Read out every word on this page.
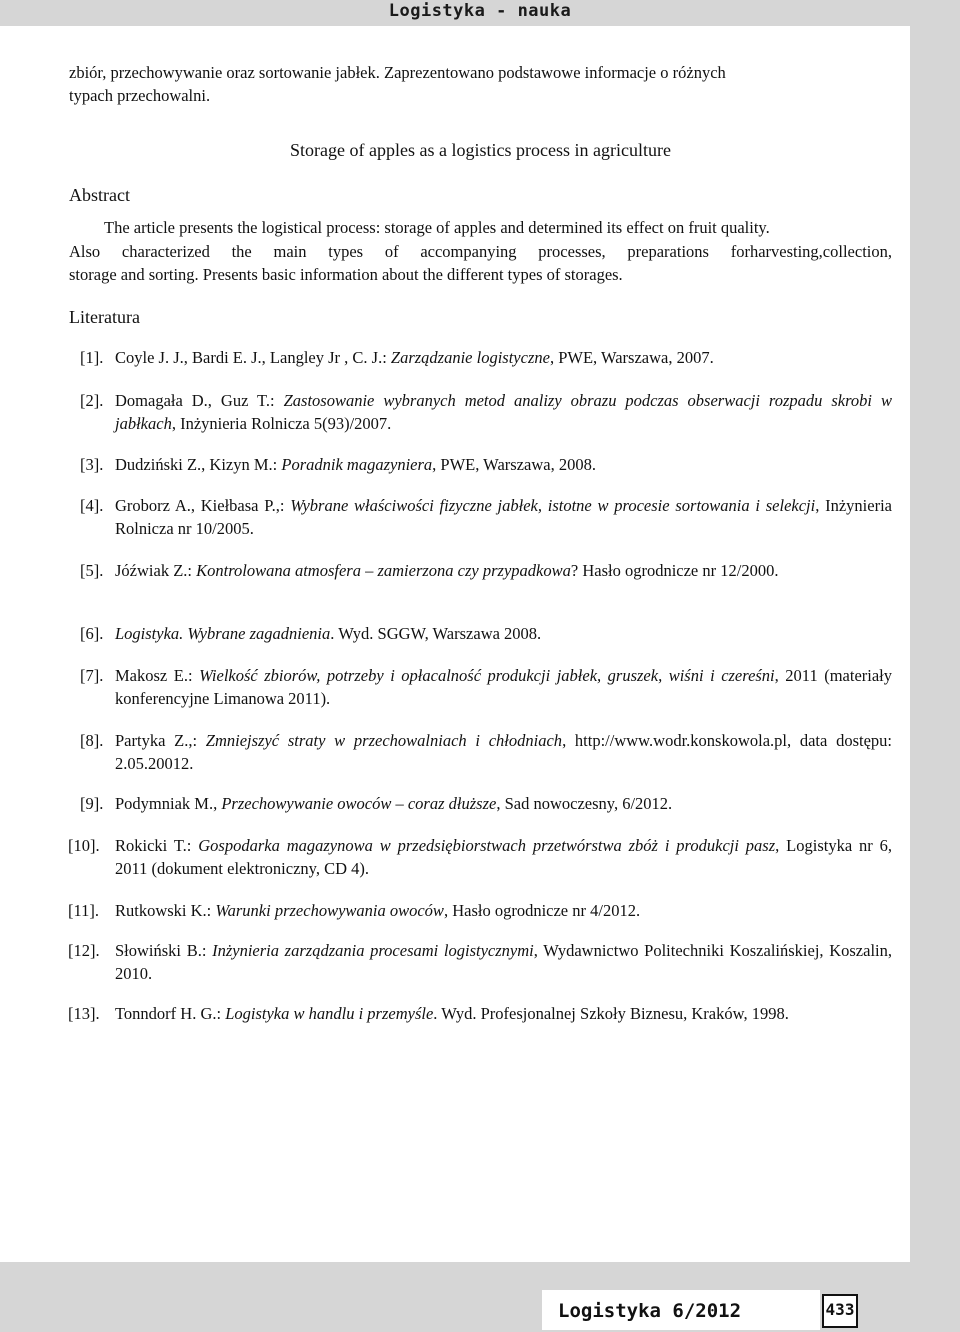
Logistyka - nauka
zbiór, przechowywanie oraz sortowanie jabłek. Zaprezentowano podstawowe informacje o różnych
typach przechowalni.
Storage of apples as a logistics process in agriculture
Abstract
The article presents the logistical process: storage of apples and determined its effect on fruit quality.
Also characterized the main types of accompanying processes, preparations forharvesting,collection,
storage and sorting. Presents basic information about the different types of storages.
Literatura
[1]. Coyle J. J., Bardi E. J., Langley Jr , C. J.: Zarządzanie logistyczne, PWE, Warszawa, 2007.
[2]. Domagała D., Guz T.: Zastosowanie wybranych metod analizy obrazu podczas obserwacji rozpadu skrobi w jabłkach, Inżynieria Rolnicza 5(93)/2007.
[3]. Dudziński Z., Kizyn M.: Poradnik magazyniera, PWE, Warszawa, 2008.
[4]. Groborz A., Kiełbasa P.,: Wybrane właściwości fizyczne jabłek, istotne w procesie sortowania i selekcji, Inżynieria Rolnicza nr 10/2005.
[5]. Jóźwiak Z.: Kontrolowana atmosfera – zamierzona czy przypadkowa? Hasło ogrodnicze nr 12/2000.
[6]. Logistyka. Wybrane zagadnienia. Wyd. SGGW, Warszawa 2008.
[7]. Makosz E.: Wielkość zbiorów, potrzeby i opłacalność produkcji jabłek, gruszek, wiśni i czereśni, 2011 (materiały konferencyjne Limanowa 2011).
[8]. Partyka Z.,: Zmniejszyć straty w przechowalniach i chłodniach, http://www.wodr.konskowola.pl, data dostępu: 2.05.20012.
[9]. Podymniak M., Przechowywanie owoców – coraz dłuższe, Sad nowoczesny, 6/2012.
[10]. Rokicki T.: Gospodarka magazynowa w przedsiębiorstwach przetwórstwa zbóż i produkcji pasz, Logistyka nr 6, 2011 (dokument elektroniczny, CD 4).
[11]. Rutkowski K.: Warunki przechowywania owoców, Hasło ogrodnicze nr 4/2012.
[12]. Słowiński B.: Inżynieria zarządzania procesami logistycznymi, Wydawnictwo Politechniki Koszalińskiej, Koszalin, 2010.
[13]. Tonndorf H. G.: Logistyka w handlu i przemyśle. Wyd. Profesjonalnej Szkoły Biznesu, Kraków, 1998.
Logistyka 6/2012	433
